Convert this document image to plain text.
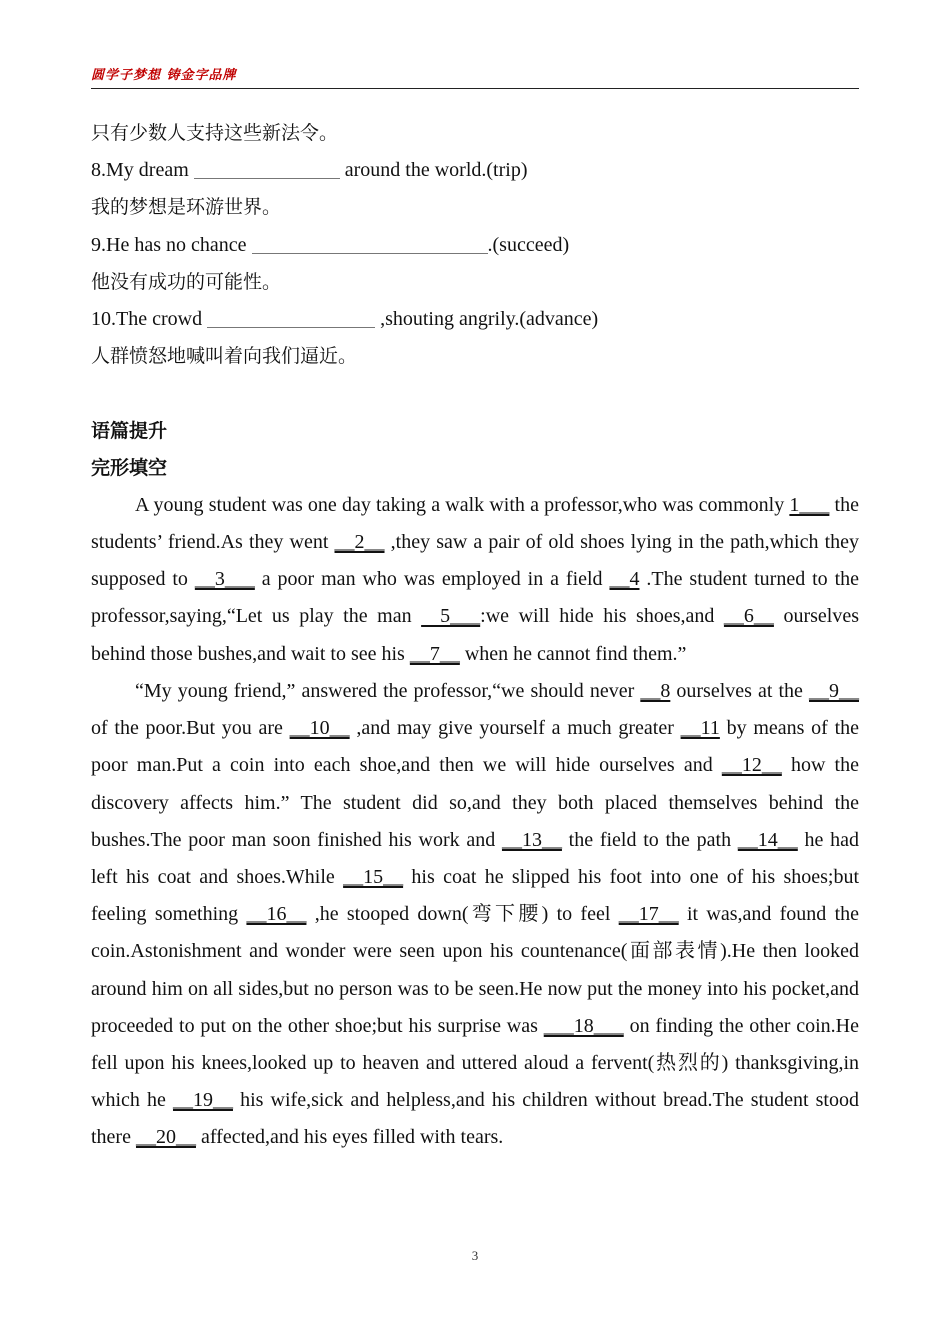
圆学子梦想 铸金字品牌
只有少数人支持这些新法令。
8.My dream	around the world.(trip)
我的梦想是环游世界。
9.He has no chance	.(succeed)
他没有成功的可能性。
10.The crowd	,shouting angrily.(advance)
人群愤怒地喊叫着向我们逼近。
语篇提升
完形填空

A young student was one day taking a walk with a professor,who was commonly 1___ the students’ friend.As they went __2__ ,they saw a pair of old shoes lying in the path,which they supposed to __3___ a poor man who was employed in a field __4 .The student turned to the professor,saying,“Let us play the man   5___:we will hide his shoes,and __6__ ourselves behind those bushes,and wait to see his __7__ when he cannot find them.”

“My young friend,” answered the professor,“we should never __8 ourselves at the __9__ of the poor.But you are __10__ ,and may give yourself a much greater __11 by means of the poor man.Put a coin into each shoe,and then we will hide ourselves and __12__ how the discovery affects him.” The student did so,and they both placed themselves behind the bushes.The poor man soon finished his work and __13__ the field to the path __14__ he had left his coat and shoes.While __15__ his coat he slipped his foot into one of his shoes;but feeling something __16__ ,he stooped down(弯下腰) to feel __17__ it was,and found the coin.Astonishment and wonder were seen upon his countenance(面部表情).He then looked around him on all sides,but no person was to be seen.He now put the money into his pocket,and proceeded to put on the other shoe;but his surprise was ___18___ on finding the other coin.He fell upon his knees,looked up to heaven and uttered aloud a fervent(热烈的) thanksgiving,in which he __19__ his wife,sick and helpless,and his children without bread.The student stood there __20__ affected,and his eyes filled with tears.

3
